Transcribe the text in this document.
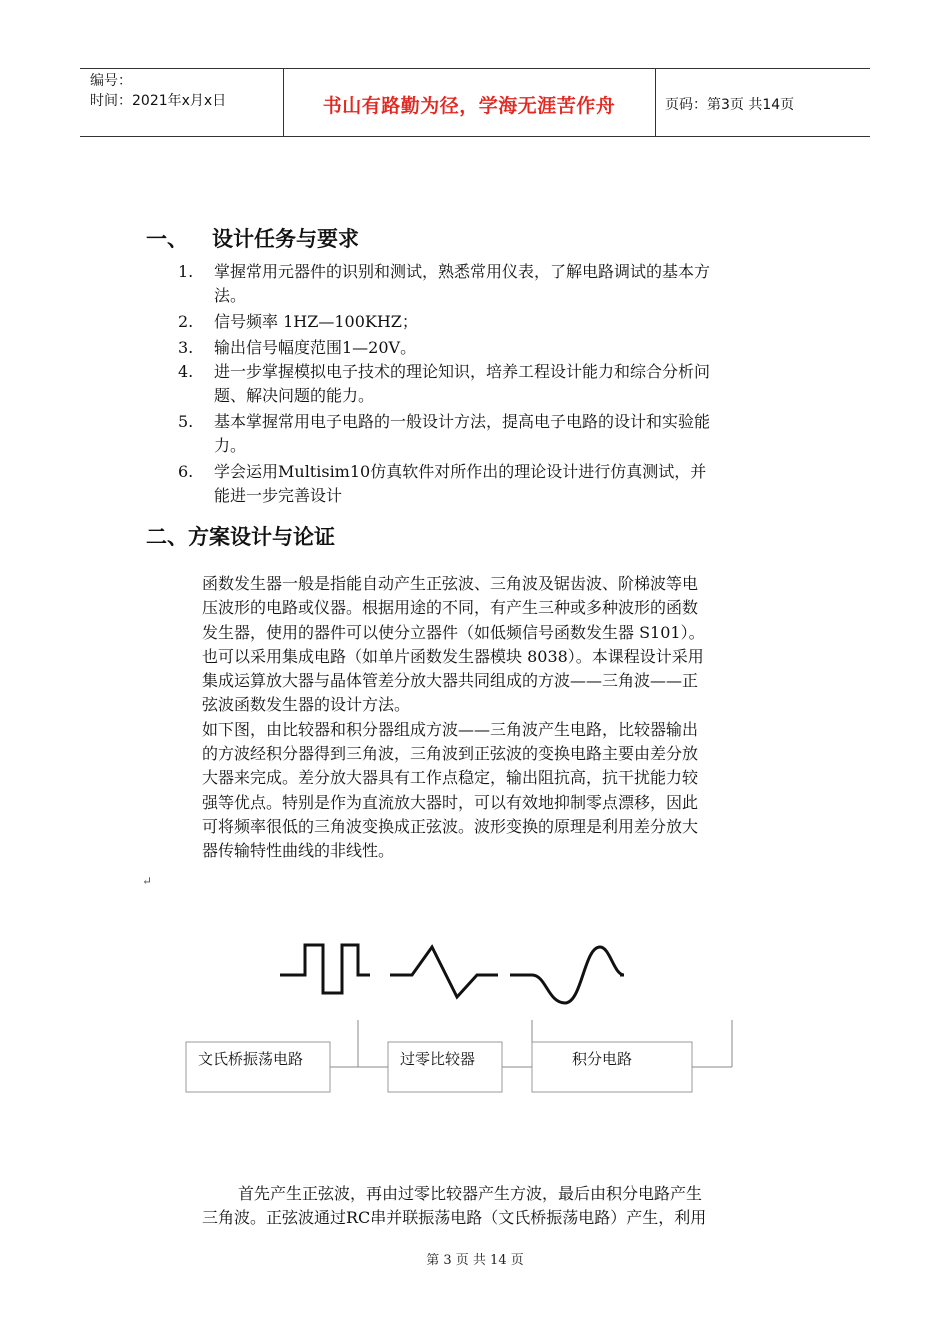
编号：
时间：2021年x月x日	书山有路勤为径，学海无涯苦作舟	页码：第3页 共14页
一、 设计任务与要求
1.	掌握常用元器件的识别和测试，熟悉常用仪表，了解电路调试的基本方
法。
2.	信号频率 1HZ—100KHZ；
3.	输出信号幅度范围1—20V。
4.	进一步掌握模拟电子技术的理论知识，培养工程设计能力和综合分析问
题、解决问题的能力。
5.	基本掌握常用电子电路的一般设计方法，提高电子电路的设计和实验能
力。
6.	学会运用Multisim10仿真软件对所作出的理论设计进行仿真测试，并
能进一步完善设计
二、方案设计与论证
函数发生器一般是指能自动产生正弦波、三角波及锯齿波、阶梯波等电
压波形的电路或仪器。根据用途的不同，有产生三种或多种波形的函数
发生器，使用的器件可以使分立器件（如低频信号函数发生器 S101）。
也可以采用集成电路（如单片函数发生器模块 8038）。本课程设计采用
集成运算放大器与晶体管差分放大器共同组成的方波——三角波——正
弦波函数发生器的设计方法。
如下图，由比较器和积分器组成方波——三角波产生电路，比较器输出
的方波经积分器得到三角波，三角波到正弦波的变换电路主要由差分放
大器来完成。差分放大器具有工作点稳定，输出阻抗高，抗干扰能力较
强等优点。特别是作为直流放大器时，可以有效地抑制零点漂移，因此
可将频率很低的三角波变换成正弦波。波形变换的原理是利用差分放大
器传输特性曲线的非线性。
↵
文氏桥振荡电路	过零比较器	积分电路
首先产生正弦波，再由过零比较器产生方波，最后由积分电路产生
三角波。正弦波通过RC串并联振荡电路（文氏桥振荡电路）产生，利用
第 3 页 共 14 页
